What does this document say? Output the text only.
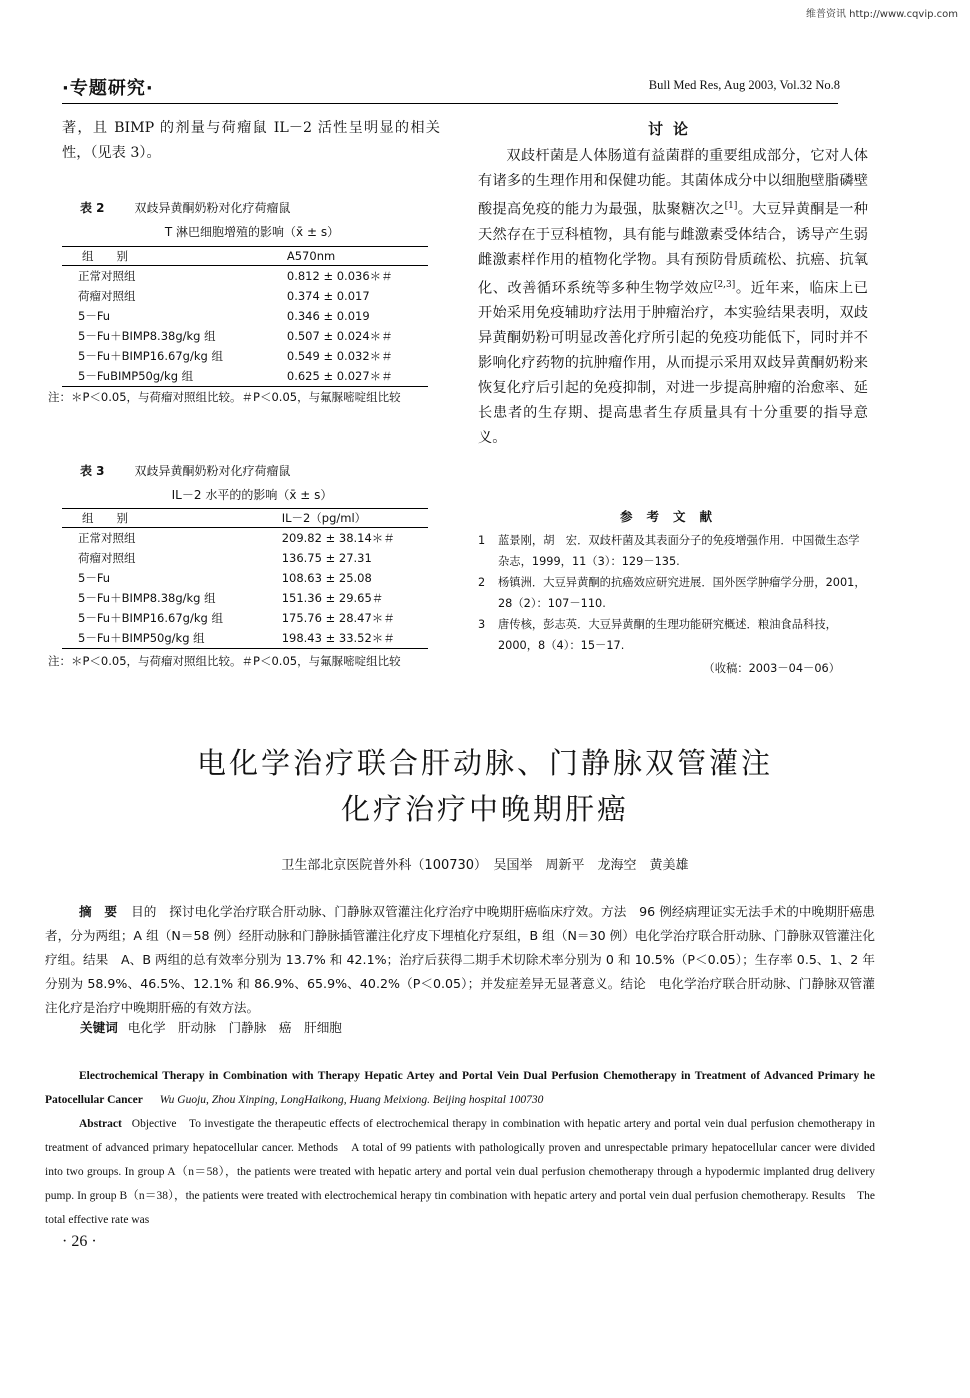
维普资讯 http://www.cqvip.com
·专题研究·	Bull Med Res, Aug 2003, Vol.32 No.8
著，且 BIMP 的剂量与荷瘤鼠 IL－2 活性呈明显的相关性，（见表 3）。
表 2	双歧异黄酮奶粉对化疗荷瘤鼠
T 淋巴细胞增殖的影响（x̄ ± s）
组　　别	A570nm
正常对照组	0.812 ± 0.036＊＃
荷瘤对照组	0.374 ± 0.017
5－Fu	0.346 ± 0.019
5－Fu＋BIMP8.38g/kg 组	0.507 ± 0.024＊＃
5－Fu＋BIMP16.67g/kg 组	0.549 ± 0.032＊＃
5－FuBIMP50g/kg 组	0.625 ± 0.027＊＃
注：＊P＜0.05，与荷瘤对照组比较。＃P＜0.05，与氟脲嘧啶组比较
表 3	双歧异黄酮奶粉对化疗荷瘤鼠
IL－2 水平的的影响（x̄ ± s）
组　　别	IL－2（pg/ml）
正常对照组	209.82 ± 38.14＊＃
荷瘤对照组	136.75 ± 27.31
5－Fu	108.63 ± 25.08
5－Fu＋BIMP8.38g/kg 组	151.36 ± 29.65＃
5－Fu＋BIMP16.67g/kg 组	175.76 ± 28.47＊＃
5－Fu＋BIMP50g/kg 组	198.43 ± 33.52＊＃
注：＊P＜0.05，与荷瘤对照组比较。＃P＜0.05，与氟脲嘧啶组比较
讨论
双歧杆菌是人体肠道有益菌群的重要组成部分，它对人体有诸多的生理作用和保健功能。其菌体成分中以细胞壁脂磷壁酸提高免疫的能力为最强，肽聚糖次之[1]。大豆异黄酮是一种天然存在于豆科植物，具有能与雌激素受体结合，诱导产生弱雌激素样作用的植物化学物。具有预防骨质疏松、抗癌、抗氧化、改善循环系统等多种生物学效应[2,3]。近年来，临床上已开始采用免疫辅助疗法用于肿瘤治疗，本实验结果表明，双歧异黄酮奶粉可明显改善化疗所引起的免疫功能低下，同时并不影响化疗药物的抗肿瘤作用，从而提示采用双歧异黄酮奶粉来恢复化疗后引起的免疫抑制，对进一步提高肿瘤的治愈率、延长患者的生存期、提高患者生存质量具有十分重要的指导意义。
参考文献
1 蓝景刚，胡　宏．双歧杆菌及其表面分子的免疫增强作用．中国微生态学杂志，1999，11（3）：129－135.
2 杨镇洲．大豆异黄酮的抗癌效应研究进展．国外医学肿瘤学分册，2001，28（2）：107－110.
3 唐传核，彭志英．大豆异黄酮的生理功能研究概述．粮油食品科技，2000，8（4）：15－17.
（收稿：2003－04－06）
电化学治疗联合肝动脉、门静脉双管灌注
化疗治疗中晚期肝癌
卫生部北京医院普外科（100730）　吴国举　周新平　龙海空　黄美雄
摘　要 目的　探讨电化学治疗联合肝动脉、门静脉双管灌注化疗治疗中晚期肝癌临床疗效。方法　96 例经病理证实无法手术的中晚期肝癌患者，分为两组；A 组（N＝58 例）经肝动脉和门静脉插管灌注化疗皮下埋植化疗泵组，B 组（N＝30 例）电化学治疗联合肝动脉、门静脉双管灌注化疗组。结果　A、B 两组的总有效率分别为 13.7% 和 42.1%；治疗后获得二期手术切除术率分别为 0 和 10.5%（P＜0.05）；生存率 0.5、1、2 年分别为 58.9%、46.5%、12.1% 和 86.9%、65.9%、40.2%（P＜0.05）；并发症差异无显著意义。结论　电化学治疗联合肝动脉、门静脉双管灌注化疗是治疗中晚期肝癌的有效方法。
关键词 电化学　肝动脉　门静脉　癌　肝细胞
Electrochemical Therapy in Combination with Therapy Hepatic Artey and Portal Vein Dual Perfusion Chemotherapy in Treatment of Advanced Primary he Patocellular Cancer Wu Guoju, Zhou Xinping, LongHaikong, Huang Meixiong. Beijing hospital 100730
Abstract Objective　To investigate the therapeutic effects of electrochemical therapy in combination with hepatic artery and portal vein dual perfusion chemotherapy in treatment of advanced primary hepatocellular cancer. Methods　A total of 99 patients with pathologically proven and unrespectable primary hepatocellular cancer were divided into two groups. In group A（n＝58），the patients were treated with hepatic artery and portal vein dual perfusion chemotherapy through a hypodermic implanted drug delivery pump. In group B（n＝38），the patients were treated with electrochemical herapy tin combination with hepatic artery and portal vein dual perfusion chemotherapy. Results　The total effective rate was
· 26 ·
